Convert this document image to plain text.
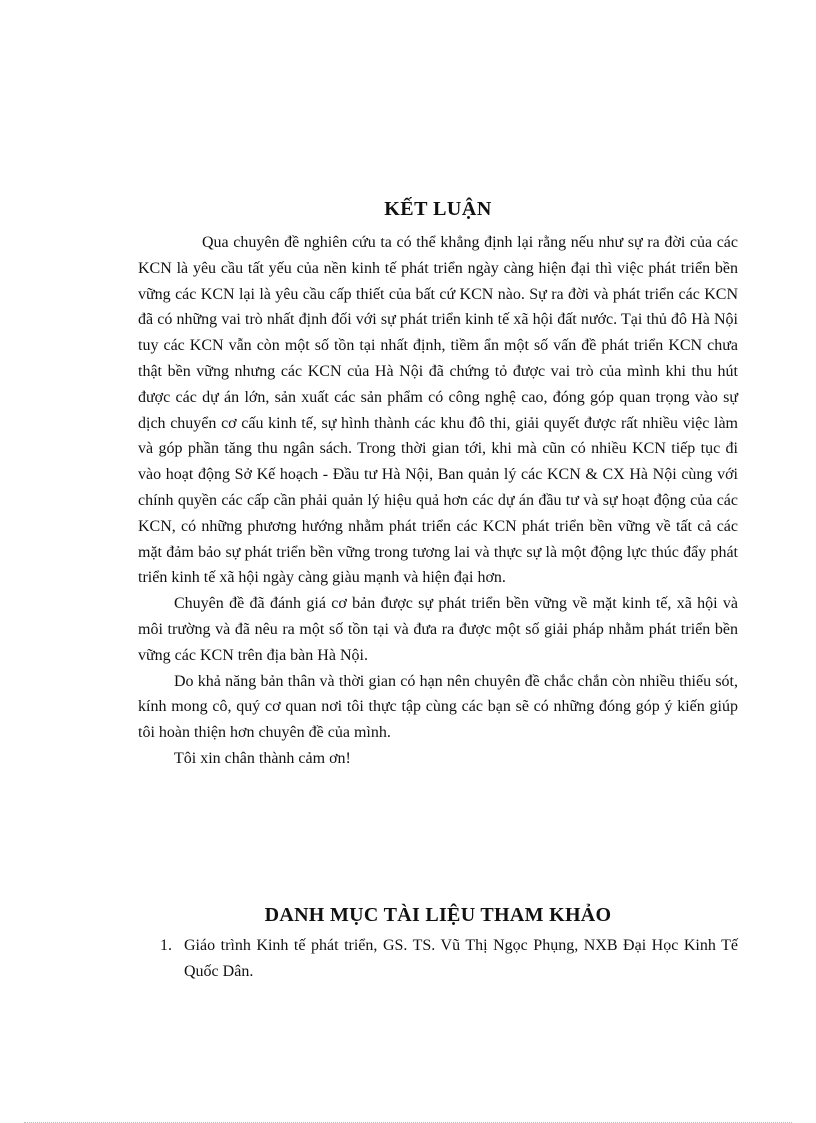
KẾT LUẬN

Qua chuyên đề nghiên cứu ta có thể khẳng định lại rằng nếu như sự ra đời của các KCN là yêu cầu tất yếu của nền kinh tế phát triển ngày càng hiện đại thì việc phát triển bền vững các KCN lại là yêu cầu cấp thiết của bất cứ KCN nào. Sự ra đời và phát triển các KCN đã có những vai trò nhất định đối với sự phát triển kinh tế xã hội đất nước. Tại thủ đô Hà Nội tuy các KCN vẫn còn một số tồn tại nhất định, tiềm ẩn một số vấn đề phát triển KCN chưa thật bền vững nhưng các KCN của Hà Nội đã chứng tỏ được vai trò của mình khi thu hút được các dự án lớn, sản xuất các sản phẩm có công nghệ cao, đóng góp quan trọng vào sự dịch chuyển cơ cấu kinh tế, sự hình thành các khu đô thi, giải quyết được rất nhiều việc làm và góp phần tăng thu ngân sách. Trong thời gian tới, khi mà cũn có nhiều KCN tiếp tục đi vào hoạt động Sở Kế hoạch - Đầu tư Hà Nội, Ban quản lý các KCN & CX Hà Nội cùng với chính quyền các cấp cần phải quản lý hiệu quả hơn các dự án đầu tư và sự hoạt động của các KCN, có những phương hướng nhằm phát triển các KCN phát triển bền vững về tất cả các mặt đảm bảo sự phát triển bền vững trong tương lai và thực sự là một động lực thúc đẩy phát triển kinh tế xã hội ngày càng giàu mạnh và hiện đại hơn.

Chuyên đề đã đánh giá cơ bản được sự phát triển bền vững về mặt kinh tế, xã hội và môi trường và đã nêu ra một số tồn tại và đưa ra được một số giải pháp nhằm phát triển bền vững các KCN trên địa bàn Hà Nội.

Do khả năng bản thân và thời gian có hạn nên chuyên đề chắc chắn còn nhiều thiếu sót, kính mong cô, quý cơ quan nơi tôi thực tập cùng các bạn sẽ có những đóng góp ý kiến giúp tôi hoàn thiện hơn chuyên đề của mình.

Tôi xin chân thành cảm ơn!

DANH MỤC TÀI LIỆU THAM KHẢO
1. Giáo trình Kinh tế phát triển, GS. TS. Vũ Thị Ngọc Phụng, NXB Đại Học Kinh Tế Quốc Dân.
